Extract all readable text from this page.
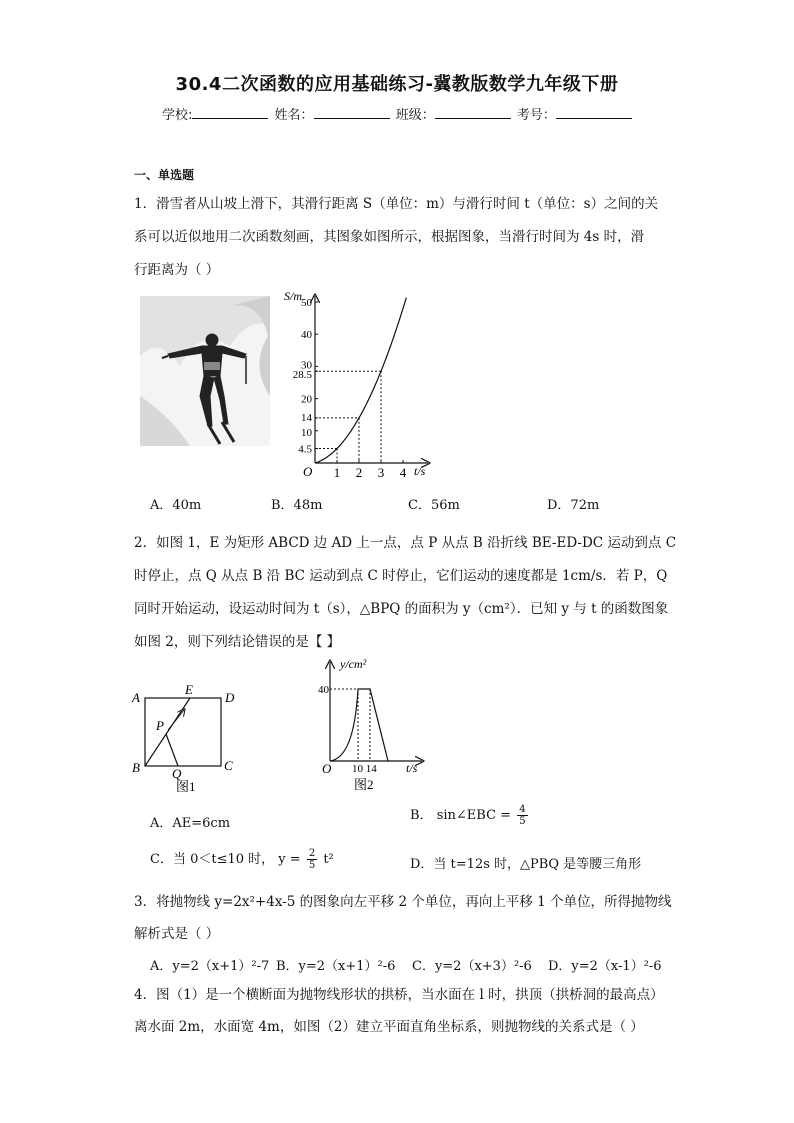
30.4二次函数的应用基础练习-冀教版数学九年级下册
学校:	姓名：	班级：	考号：
一、单选题
1．滑雪者从山坡上滑下，其滑行距离 S（单位：m）与滑行时间 t（单位：s）之间的关
系可以近似地用二次函数刻画，其图象如图所示，根据图象，当滑行时间为 4s 时，滑
行距离为（ ）
S/m
t/s
O
4.5
10
14
20
28.5
30
40
50
1 2 3 4
A．40m	B．48m	C．56m	D．72m
2．如图 1，E 为矩形 ABCD 边 AD 上一点，点 P 从点 B 沿折线 BE-ED-DC 运动到点 C
时停止，点 Q 从点 B 沿 BC 运动到点 C 时停止，它们运动的速度都是 1cm/s．若 P，Q
同时开始运动，设运动时间为 t（s），△BPQ 的面积为 y（cm²）．已知 y 与 t 的函数图象
如图 2，则下列结论错误的是【 】
A	D
B	C
E
P
Q
图1
y/cm²
t/s
O
40
10 14
图2
A．AE=6cm
B． sin∠EBC = $\frac{4}{5}$
C．当 0＜t≤10 时， $y = \frac{2}{5} t^2$	D．当 t=12s 时，△PBQ 是等腰三角形
3．将抛物线 y=2x²+4x-5 的图象向左平移 2 个单位，再向上平移 1 个单位，所得抛物线
解析式是（ ）
A．y=2（x+1）²-7 B．y=2（x+1）²-6 C．y=2（x+3）²-6 D．y=2（x-1）²-6
4．图（1）是一个横断面为抛物线形状的拱桥，当水面在 l 时，拱顶（拱桥洞的最高点）
离水面 2m，水面宽 4m，如图（2）建立平面直角坐标系，则抛物线的关系式是（ ）
